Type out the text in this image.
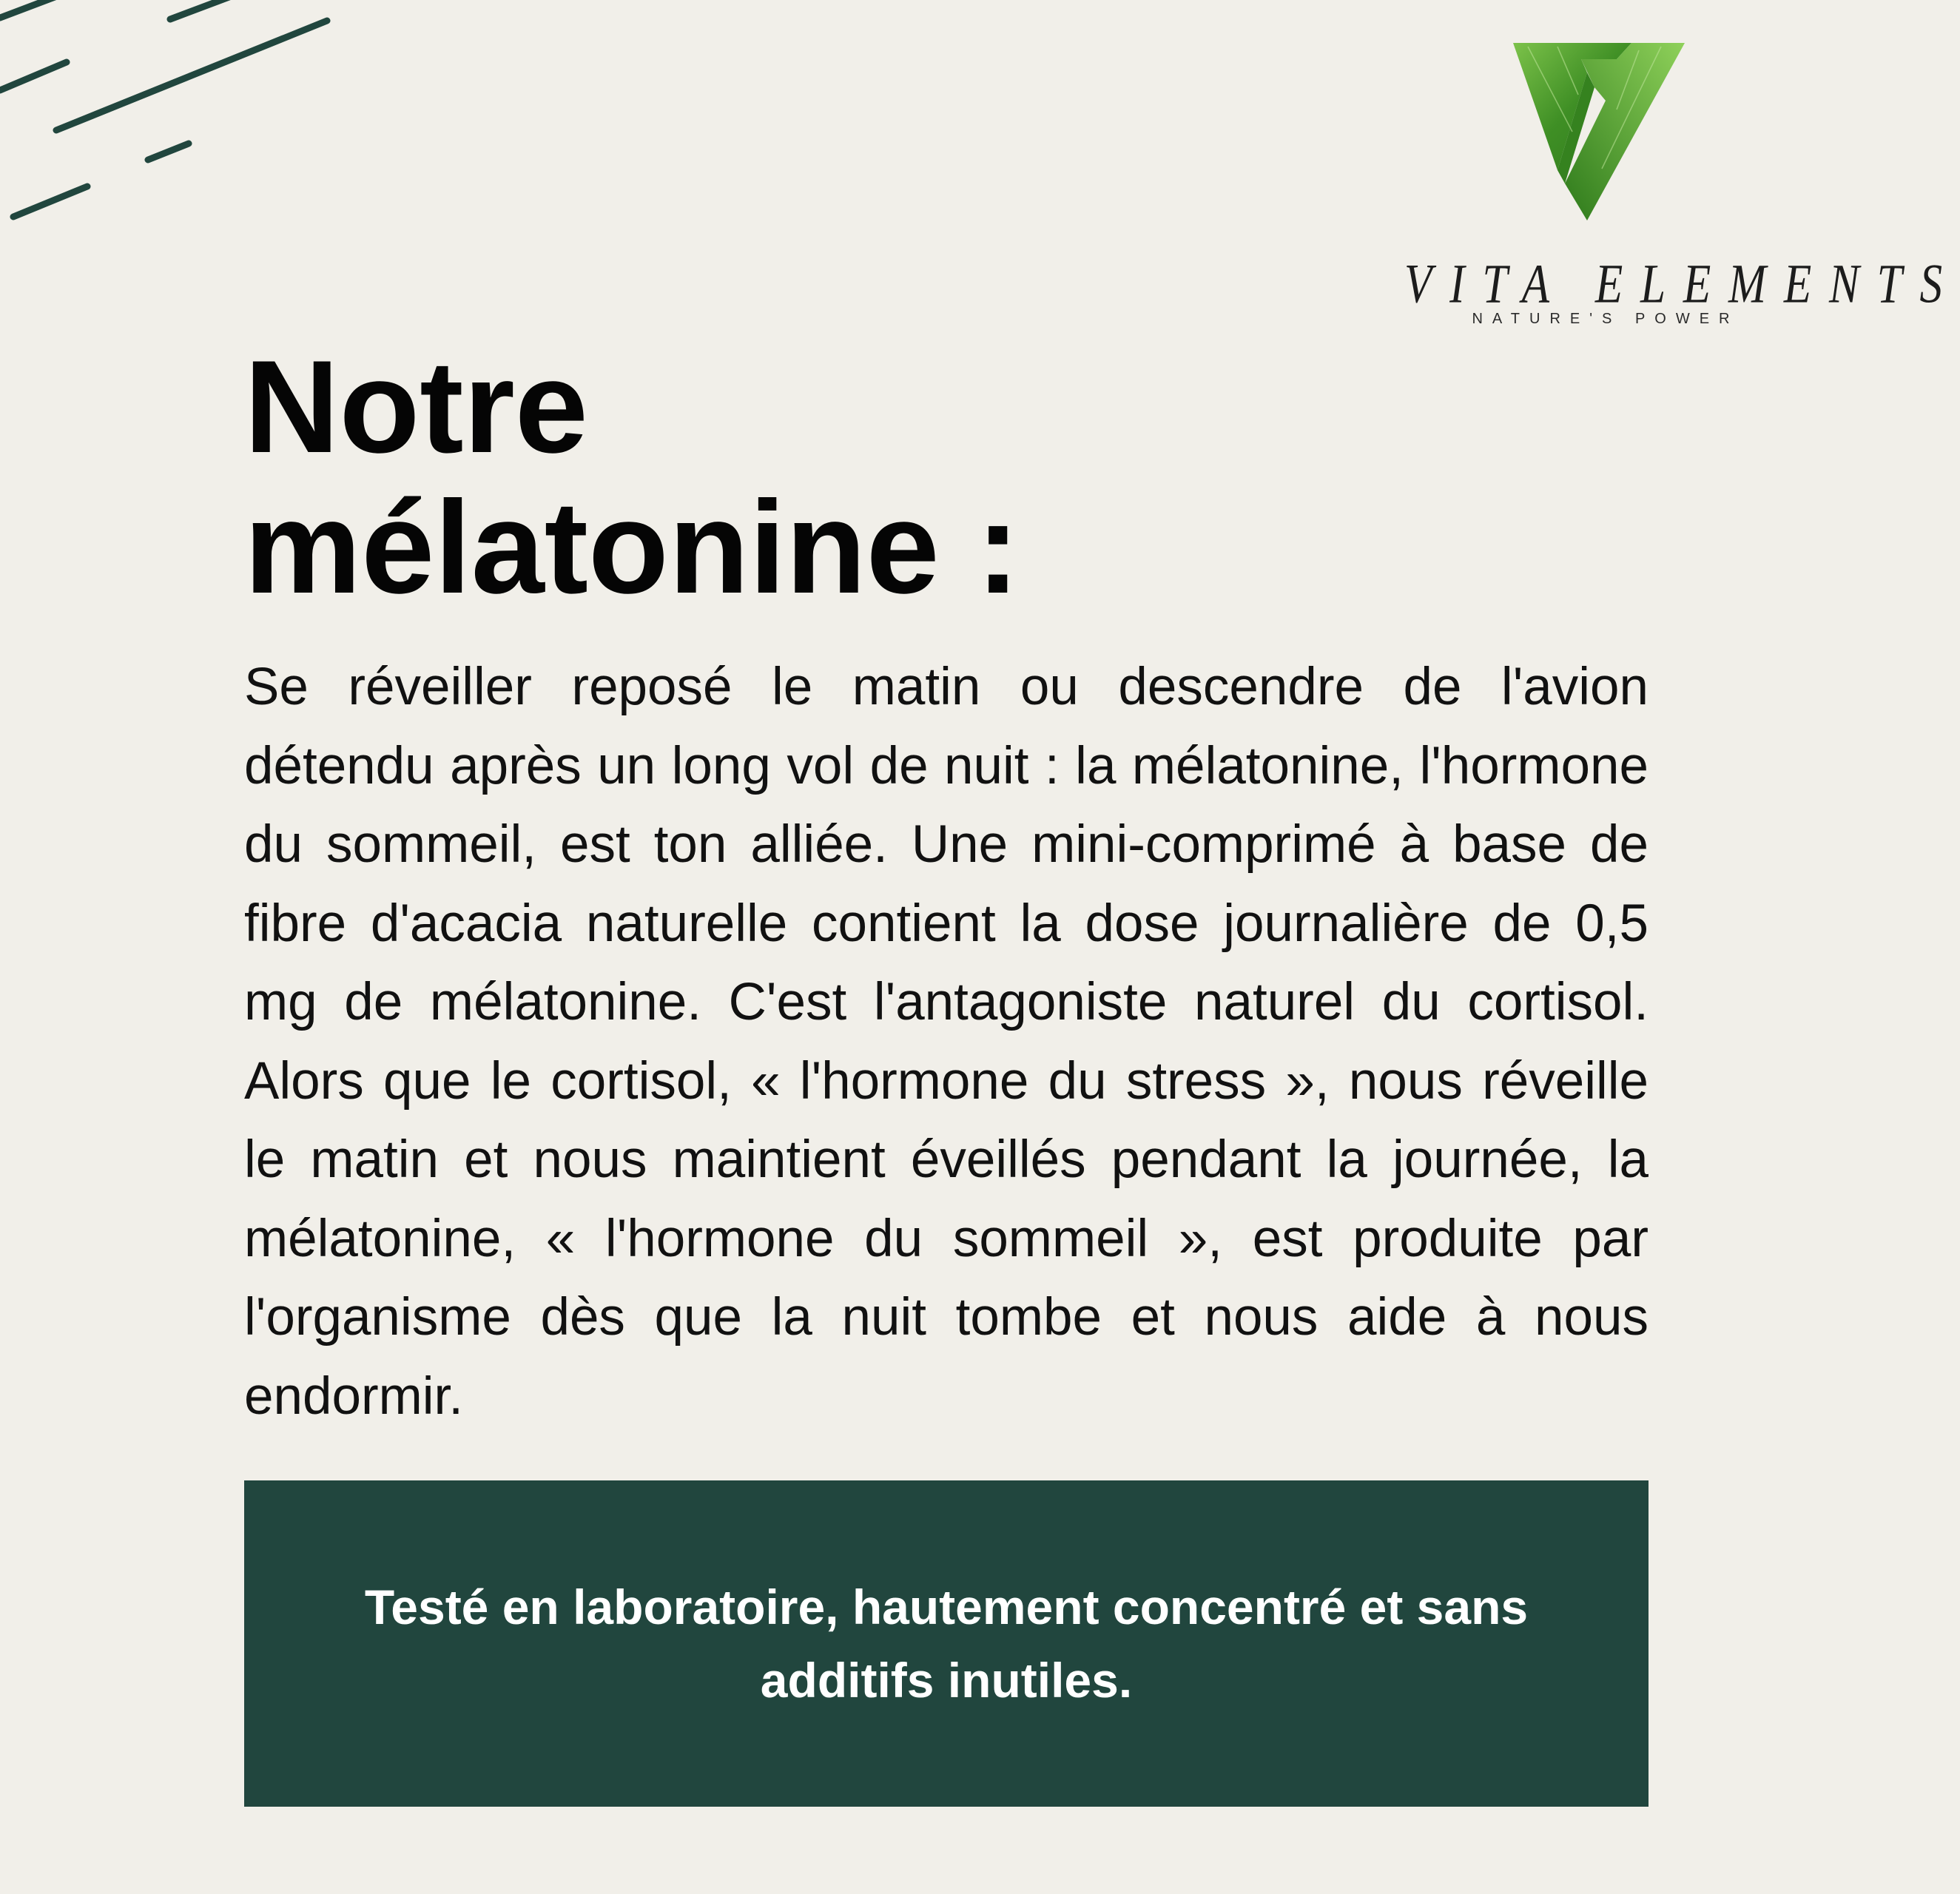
VITA ELEMENTS
NATURE'S POWER
Notre
mélatonine :

Se réveiller reposé le matin ou descendre de l'avion détendu après un long vol de nuit : la mélatonine, l'hormone du sommeil, est ton alliée. Une mini-comprimé à base de fibre d'acacia naturelle contient la dose journalière de 0,5 mg de mélatonine. C'est l'antagoniste naturel du cortisol. Alors que le cortisol, « l'hormone du stress », nous réveille le matin et nous maintient éveillés pendant la journée, la mélatonine, « l'hormone du sommeil », est produite par l'organisme dès que la nuit tombe et nous aide à nous endormir.

Testé en laboratoire, hautement concentré et sans additifs inutiles.
